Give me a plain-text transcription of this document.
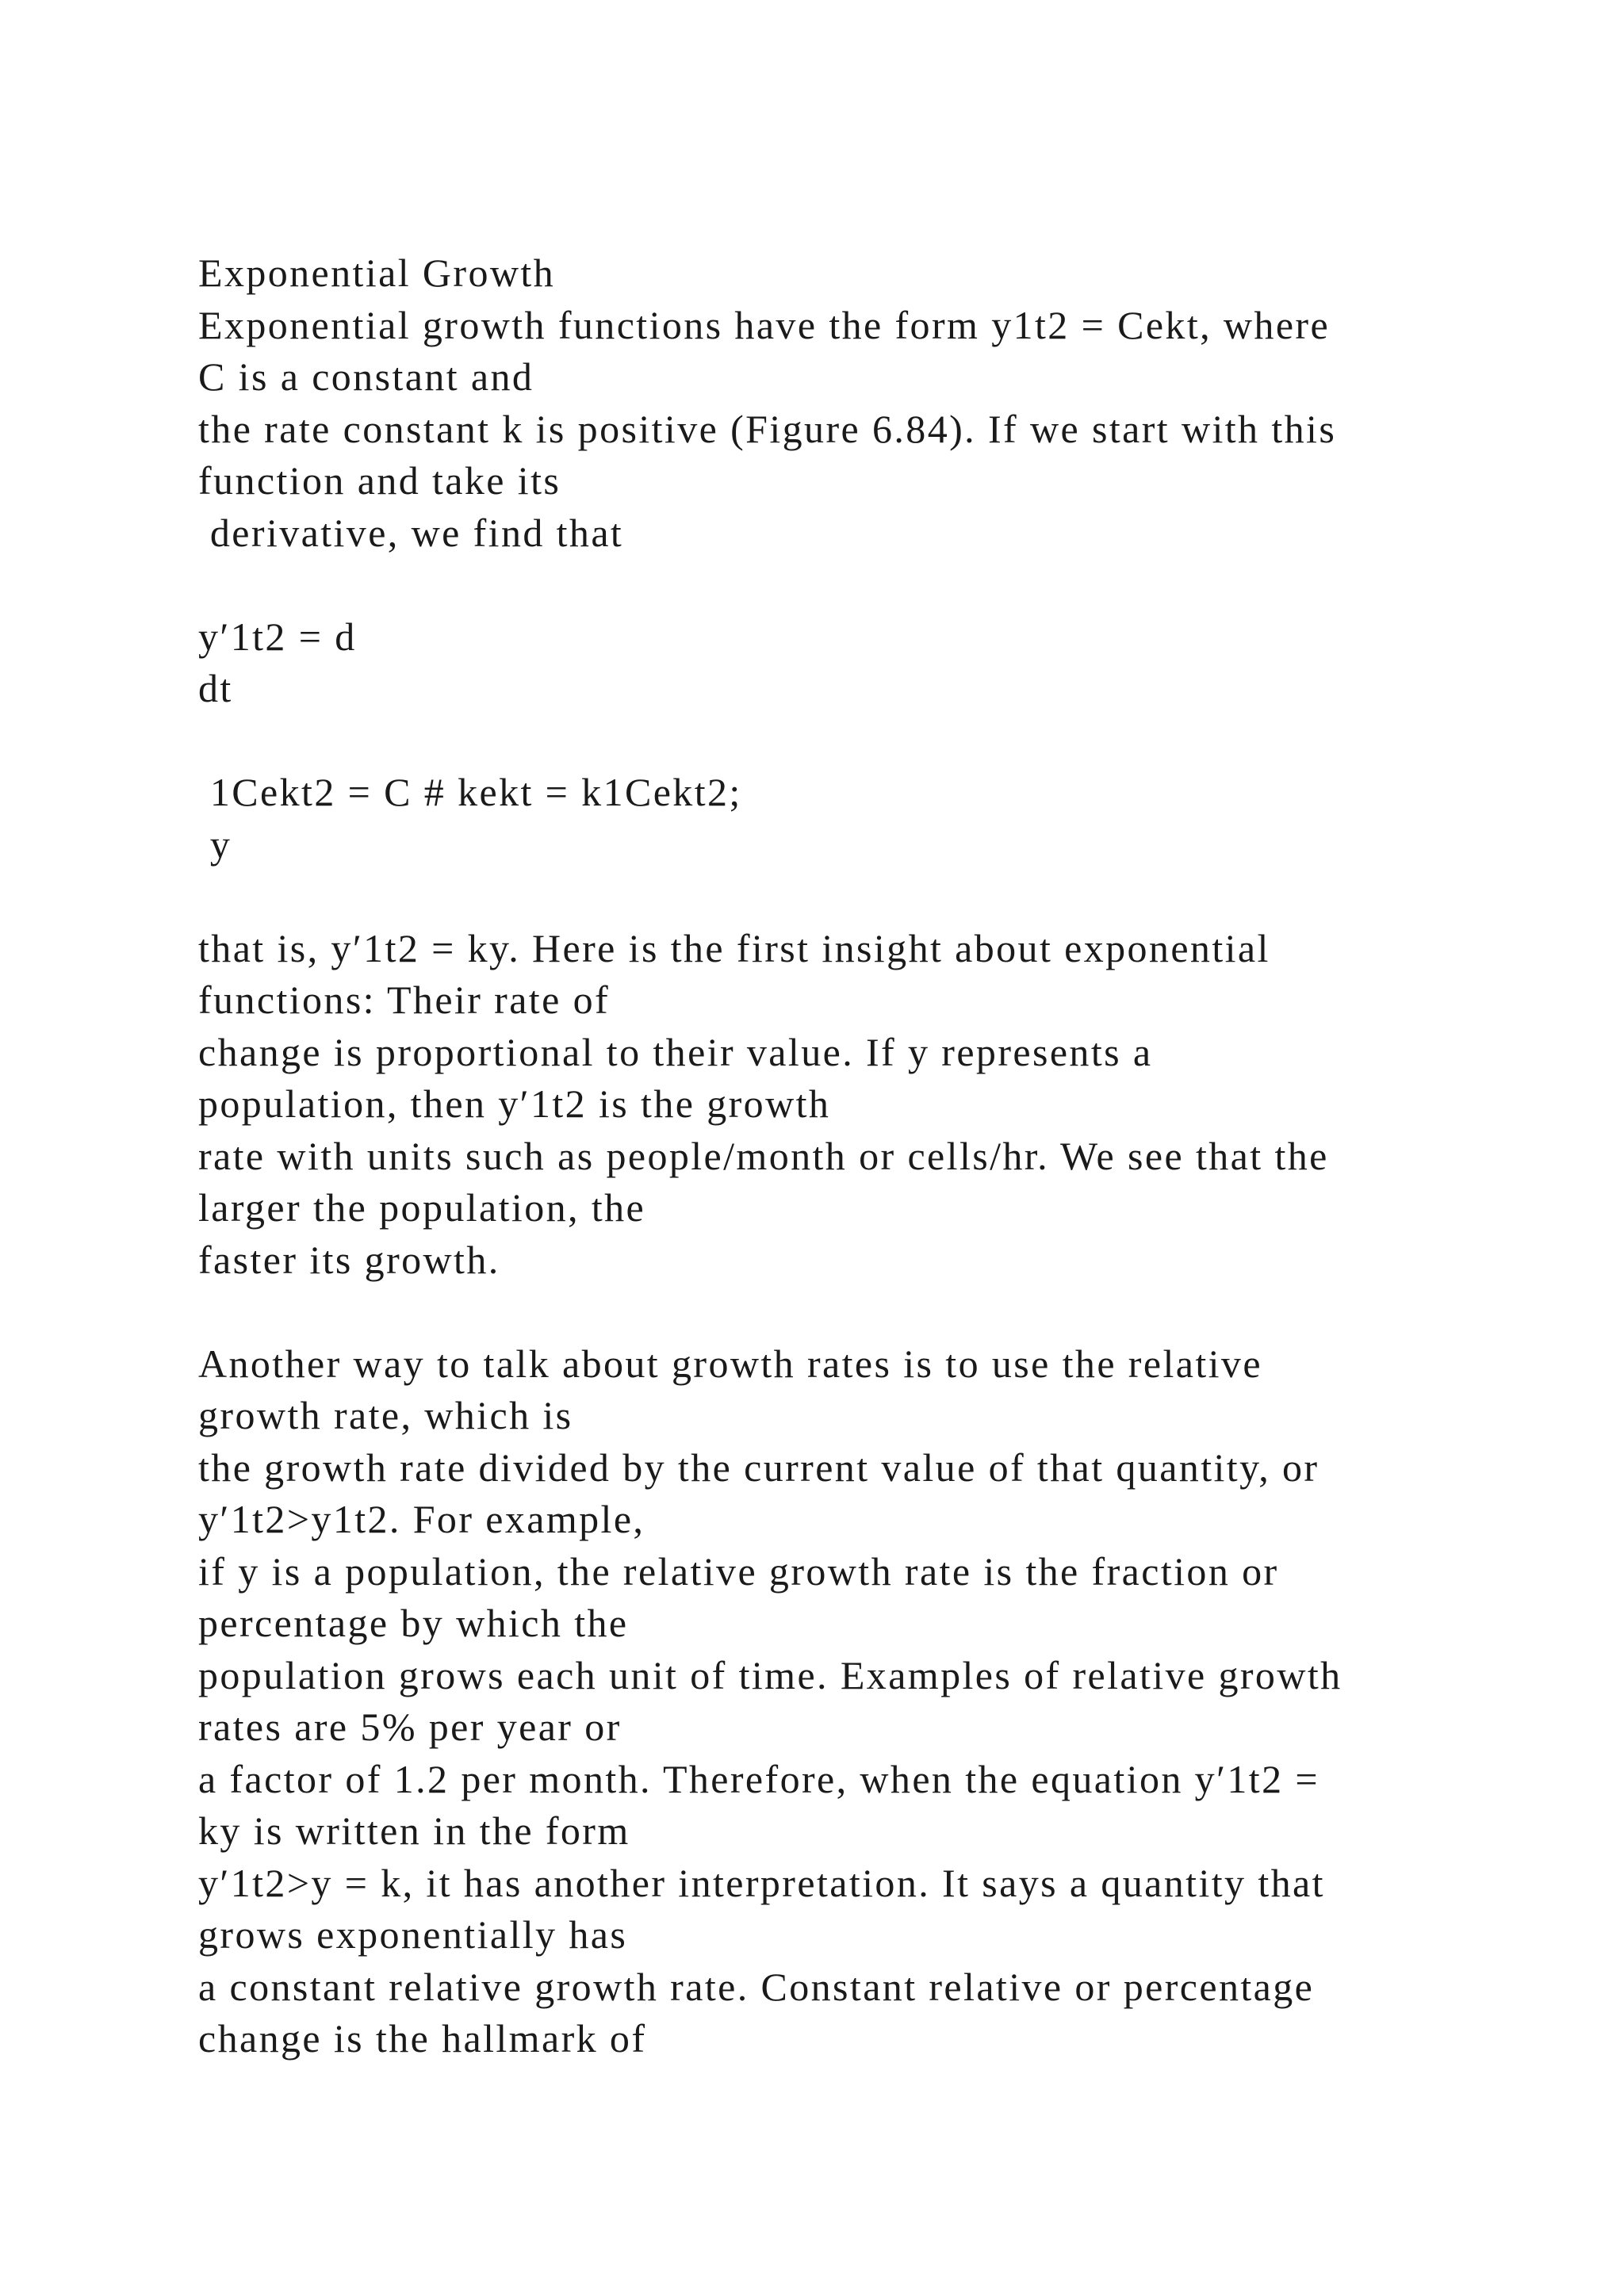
Exponential Growth
Exponential growth functions have the form y1t2 = Cekt, where
C is a constant and
the rate constant k is positive (Figure 6.84). If we start with this
function and take its
derivative, we find that
y′1t2 = d
dt
1Cekt2 = C # kekt = k1Cekt2;
y
that is, y′1t2 = ky. Here is the first insight about exponential
functions: Their rate of
change is proportional to their value. If y represents a
population, then y′1t2 is the growth
rate with units such as people/month or cells/hr. We see that the
larger the population, the
faster its growth.
Another way to talk about growth rates is to use the relative
growth rate, which is
the growth rate divided by the current value of that quantity, or
y′1t2>y1t2. For example,
if y is a population, the relative growth rate is the fraction or
percentage by which the
population grows each unit of time. Examples of relative growth
rates are 5% per year or
a factor of 1.2 per month. Therefore, when the equation y′1t2 =
ky is written in the form
y′1t2>y = k, it has another interpretation. It says a quantity that
grows exponentially has
a constant relative growth rate. Constant relative or percentage
change is the hallmark of
